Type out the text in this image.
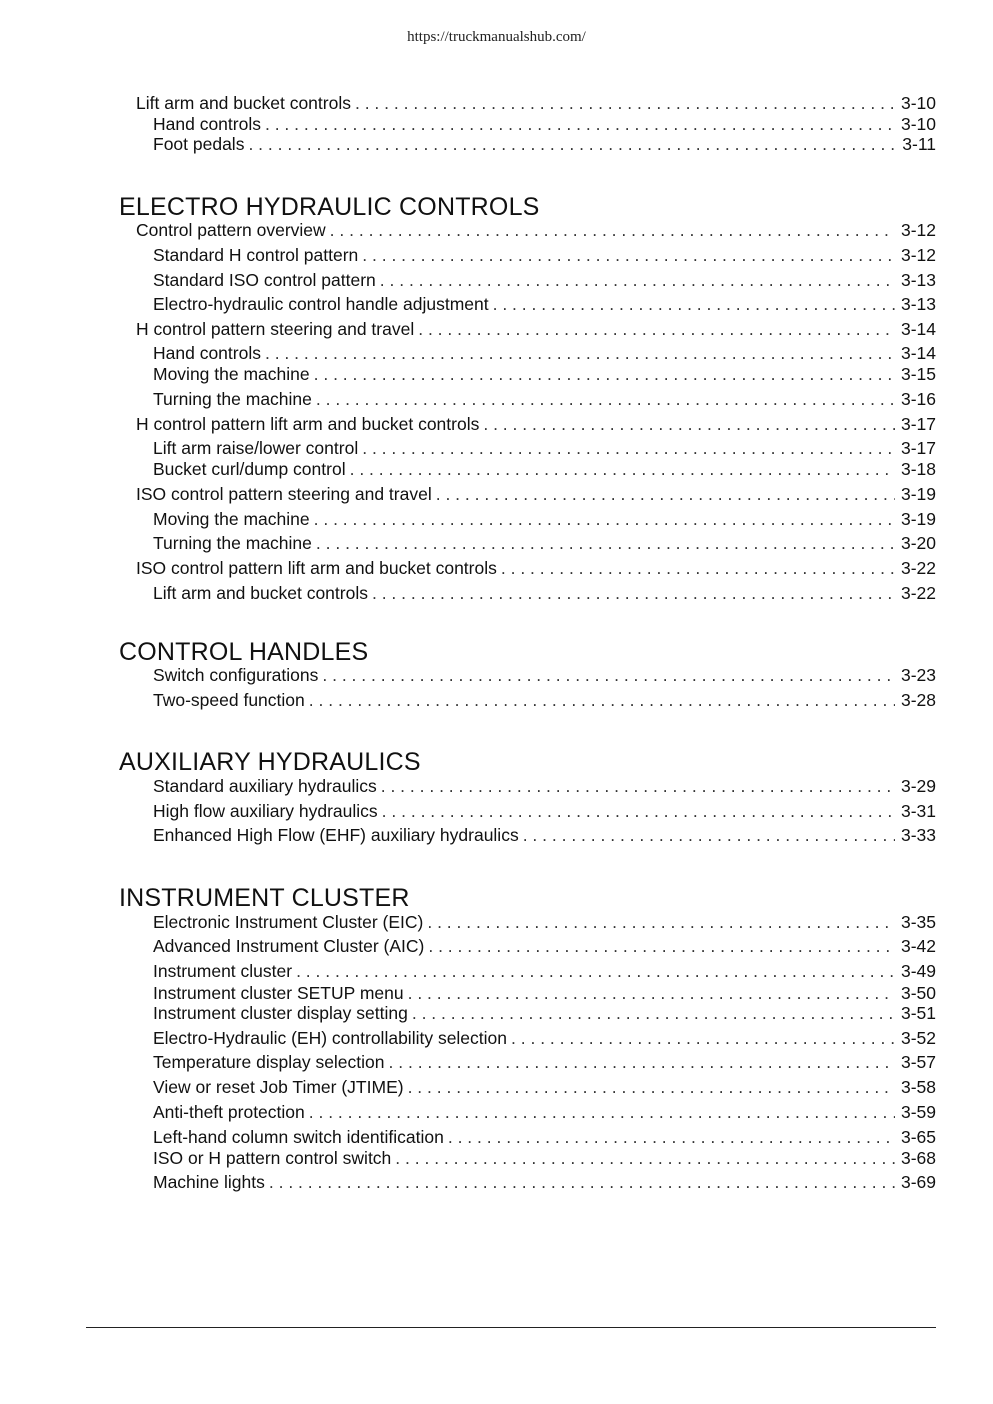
https://truckmanualshub.com/
Lift arm and bucket controls . . .	3-10
Hand controls . . .	3-10
Foot pedals . . .	3-11
ELECTRO HYDRAULIC CONTROLS
Control pattern overview . . .	3-12
Standard H control pattern . . .	3-12
Standard ISO control pattern . . .	3-13
Electro-hydraulic control handle adjustment . . .	3-13
H control pattern steering and travel . . .	3-14
Hand controls . . .	3-14
Moving the machine . . .	3-15
Turning the machine . . .	3-16
H control pattern lift arm and bucket controls . . .	3-17
Lift arm raise/lower control . . .	3-17
Bucket curl/dump control . . .	3-18
ISO control pattern steering and travel . . .	3-19
Moving the machine . . .	3-19
Turning the machine . . .	3-20
ISO control pattern lift arm and bucket controls . . .	3-22
Lift arm and bucket controls . . .	3-22
CONTROL HANDLES
Switch configurations . . .	3-23
Two-speed function . . .	3-28
AUXILIARY HYDRAULICS
Standard auxiliary hydraulics . . .	3-29
High flow auxiliary hydraulics . . .	3-31
Enhanced High Flow (EHF) auxiliary hydraulics . . .	3-33
INSTRUMENT CLUSTER
Electronic Instrument Cluster (EIC) . . .	3-35
Advanced Instrument Cluster (AIC) . . .	3-42
Instrument cluster . . .	3-49
Instrument cluster SETUP menu . . .	3-50
Instrument cluster display setting . . .	3-51
Electro-Hydraulic (EH) controllability selection . . .	3-52
Temperature display selection . . .	3-57
View or reset Job Timer (JTIME) . . .	3-58
Anti-theft protection . . .	3-59
Left-hand column switch identification . . .	3-65
ISO or H pattern control switch . . .	3-68
Machine lights . . .	3-69
